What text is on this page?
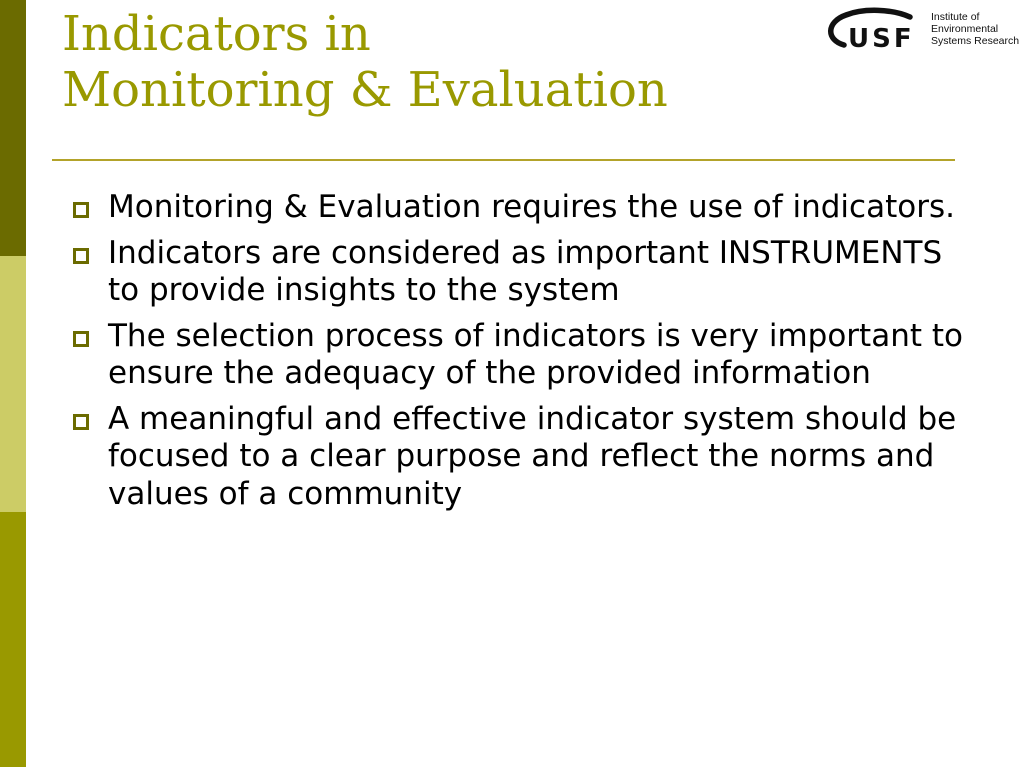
Indicators in
Monitoring & Evaluation
USF
Institute of
Environmental
Systems Research
Monitoring & Evaluation requires the use of indicators.
Indicators are considered as important INSTRUMENTS to provide insights to the system
The selection process of indicators is very important to ensure the adequacy of the provided information
A meaningful and effective indicator system should be focused to a clear purpose and reflect the norms and values of a community
